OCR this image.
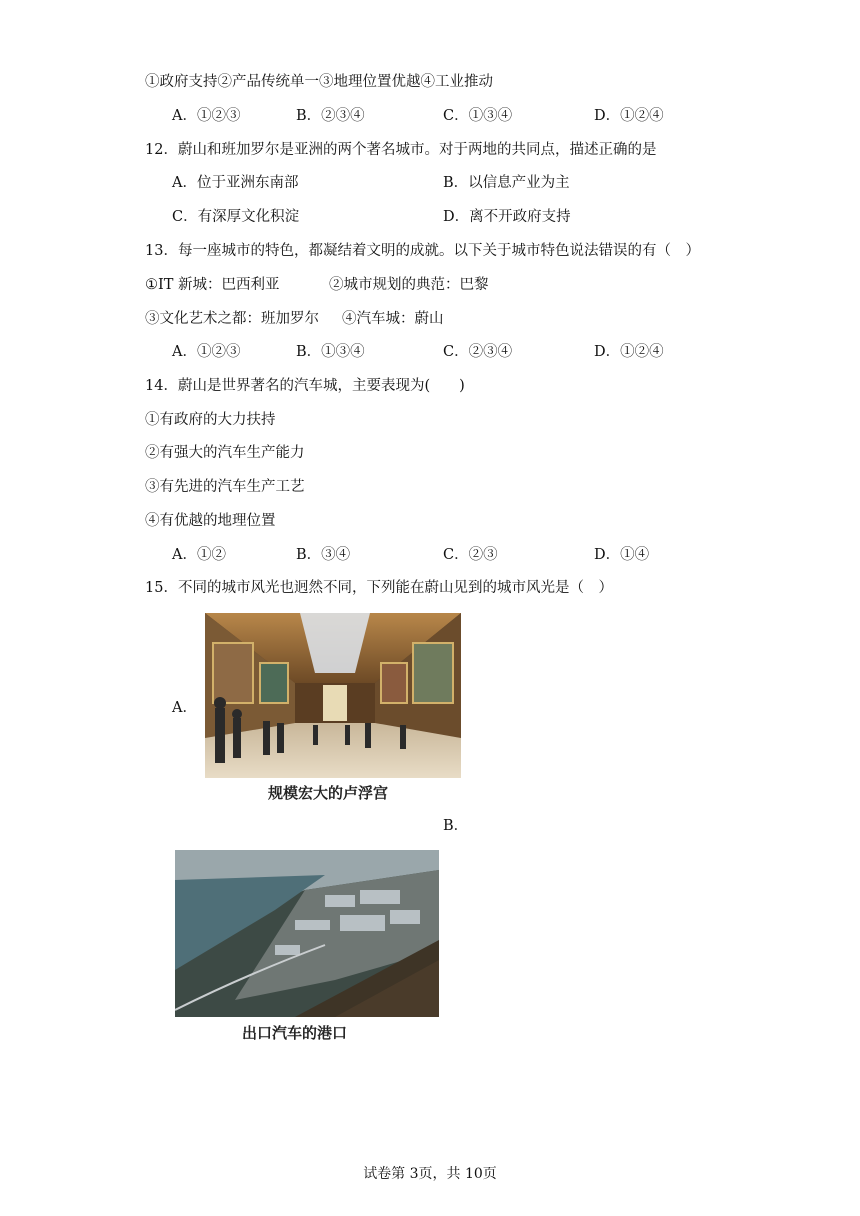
①政府支持②产品传统单一③地理位置优越④工业推动
A．①②③	B．②③④	C．①③④	D．①②④
12．蔚山和班加罗尔是亚洲的两个著名城市。对于两地的共同点，描述正确的是
A．位于亚洲东南部	B．以信息产业为主
C．有深厚文化积淀	D．离不开政府支持
13．每一座城市的特色，都凝结着文明的成就。以下关于城市特色说法错误的有（　）
①IT 新城：巴西利亚	②城市规划的典范：巴黎
③文化艺术之都：班加罗尔 ④汽车城：蔚山
A．①②③	B．①③④	C．②③④	D．①②④
14．蔚山是世界著名的汽车城，主要表现为(　　)
①有政府的大力扶持
②有强大的汽车生产能力
③有先进的汽车生产工艺
④有优越的地理位置
A．①②	B．③④	C．②③	D．①④
15．不同的城市风光也迥然不同，下列能在蔚山见到的城市风光是（　）
A．
规模宏大的卢浮宫
B．
出口汽车的港口
试卷第 3页，共 10页
